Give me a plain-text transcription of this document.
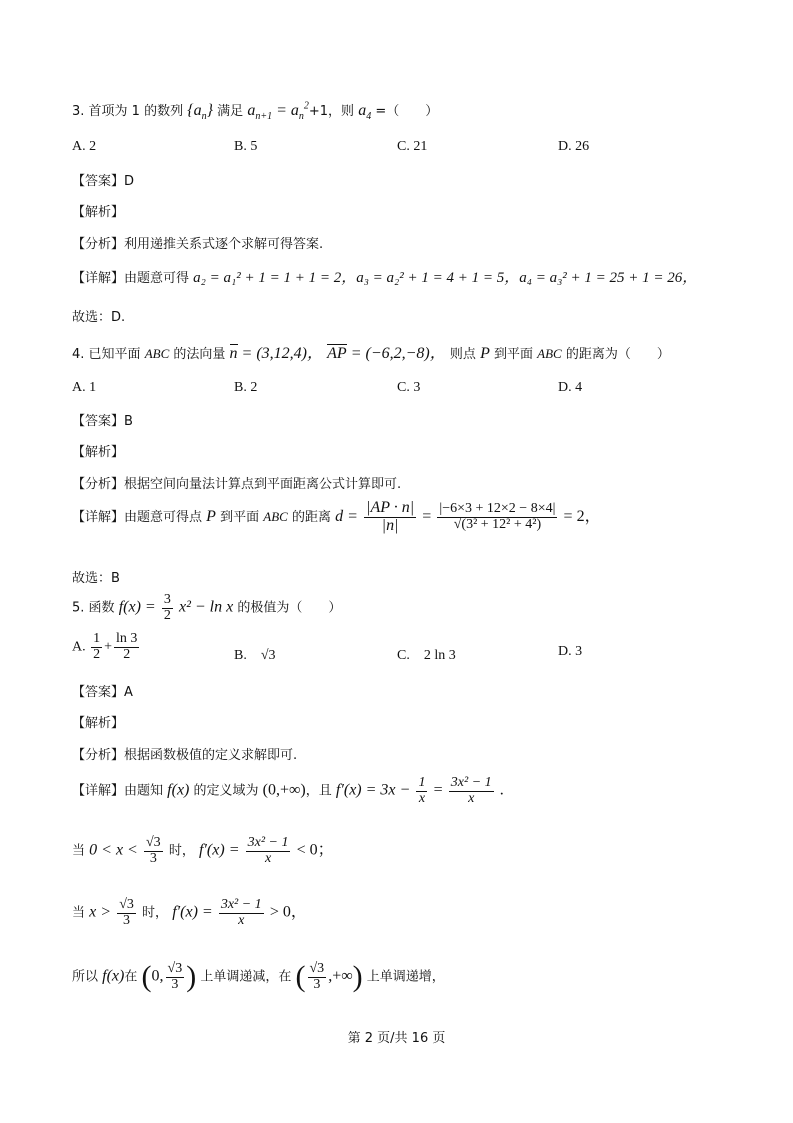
3. 首项为 1 的数列 $\{a_n\}$ 满足 $a_{n+1} = a_n^2+1$，则 $a_4$ =（　　）
A. 2	B. 5	C. 21	D. 26
【答案】D
【解析】
【分析】利用递推关系式逐个求解可得答案.
【详解】由题意可得 a₂ = a₁² + 1 = 1 + 1 = 2，a₃ = a₂² + 1 = 4 + 1 = 5，a₄ = a₃² + 1 = 25 + 1 = 26，
故选：D.
4. 已知平面 ABC 的法向量 n = (3,12,4)， AP = (−6,2,−8)， 则点 P 到平面 ABC 的距离为（　　）
A. 1	B. 2	C. 3	D. 4
【答案】B
【解析】
【分析】根据空间向量法计算点到平面距离公式计算即可.
【详解】由题意可得点 P 到平面 ABC 的距离 $d = \frac{|AP \cdot n|}{|n|} = \frac{|-6\times 3 + 12\times 2 - 8\times 4|}{\text{√(3² + 12² + 4²)}} = 2$，
故选：B
5. 函数 $f(x) = \frac{3}{2} x^2 - \ln x$ 的极值为（　　）
A. $\frac{1}{2} + \frac{\ln 3}{2}$	B.　√3	C.　2 ln 3	D. 3
【答案】A
【解析】
【分析】根据函数极值的定义求解即可.
【详解】由题知 f(x) 的定义域为 (0,+∞)，且 $f'(x) = 3x - \frac{1}{x} = \frac{\text{3x² − 1}}{x}$ .
当 $0 < x < \frac{√3}{3}$ 时， $f'(x) = \frac{\text{3x² − 1}}{x} < 0$；
当 $x > \frac{√3}{3}$ 时， $f'(x) = \frac{\text{3x² − 1}}{x} > 0$，
所以 f(x)在 (0, $\frac{√3}{3}$ ) 上单调递减，在 ( $\frac{√3}{3}$ ,+∞) 上单调递增，
第 2 页/共 16 页
